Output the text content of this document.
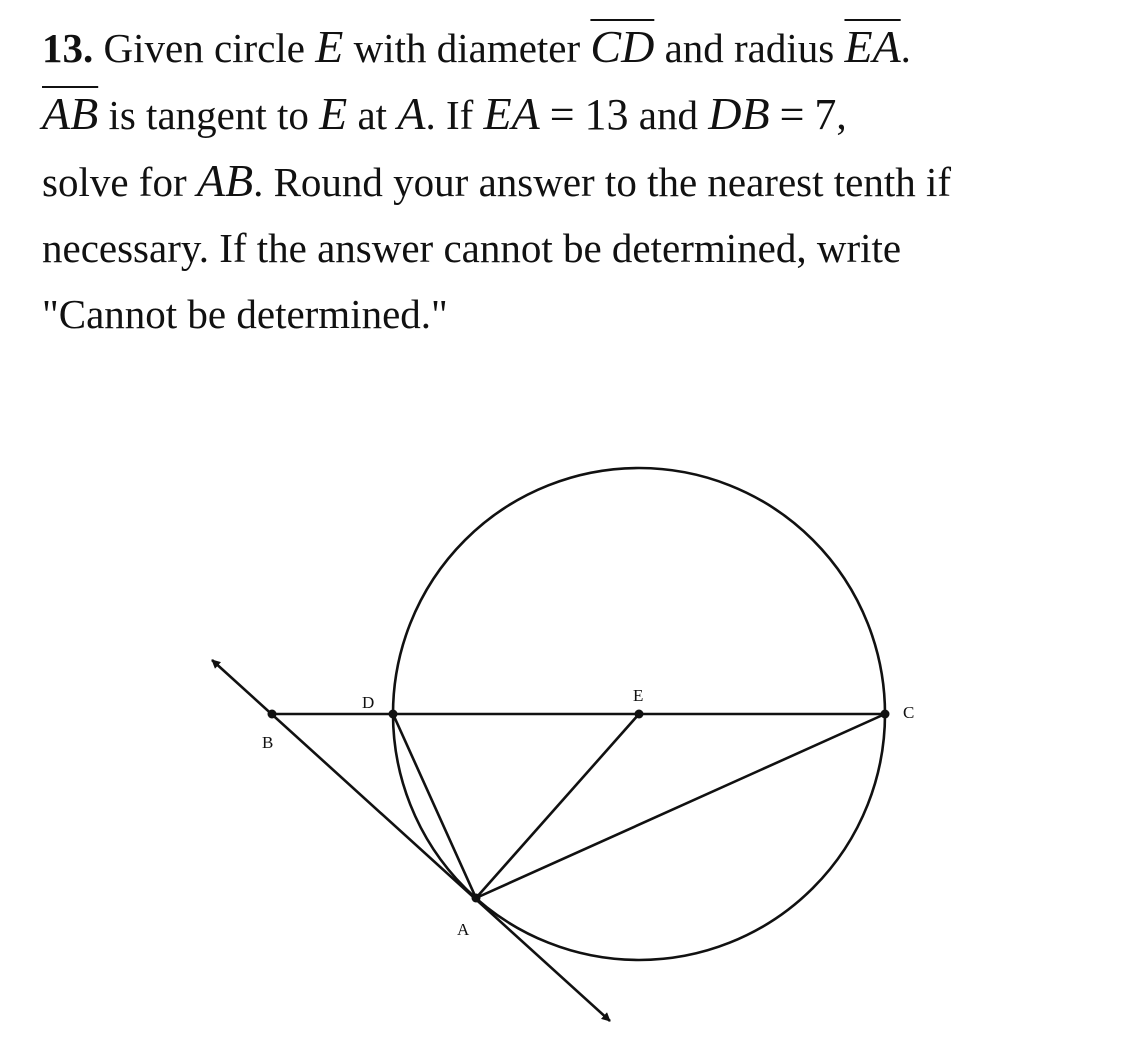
13. Given circle E with diameter $\overline{CD}$ and radius $\overline{EA}$.
$\overline{AB}$ is tangent to E at A. If EA = 13 and DB = 7,
solve for AB. Round your answer to the nearest tenth if
necessary. If the answer cannot be determined, write
"Cannot be determined."
B
D	E
C
A
